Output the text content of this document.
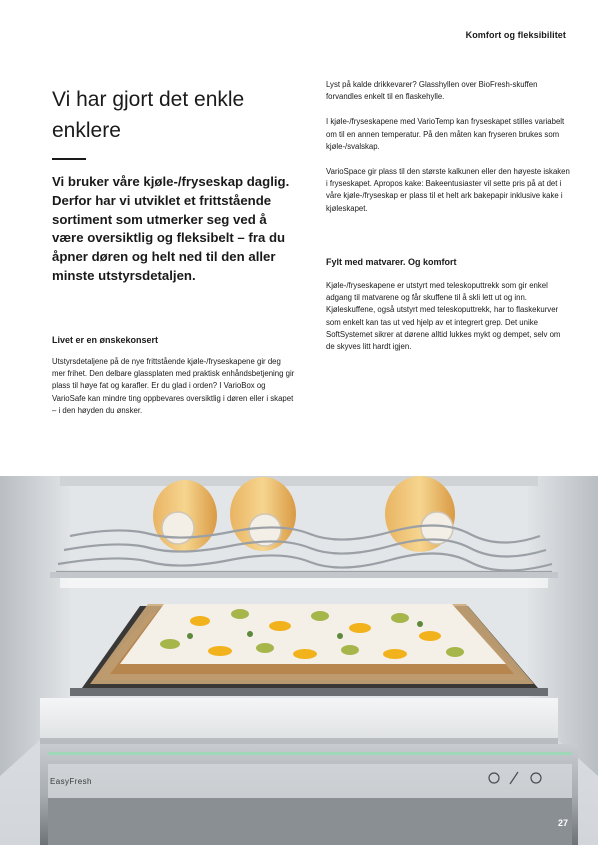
Komfort og fleksibilitet
Vi har gjort det enkle
enklere

Vi bruker våre kjøle-/fryseskap daglig. Derfor har vi utviklet et frittstående sortiment som utmerker seg ved å være oversiktlig og fleksibelt – fra du åpner døren og helt ned til den aller minste utstyrsdetaljen.

Livet er en ønskekonsert

Utstyrsdetaljene på de nye frittstående kjøle-/fryseskapene gir deg mer frihet. Den delbare glassplaten med praktisk enhåndsbetjening gir plass til høye fat og karafler. Er du glad i orden? I VarioBox og VarioSafe kan mindre ting oppbevares oversiktlig i døren eller i skapet – i den høyden du ønsker.

Lyst på kalde drikkevarer? Glasshyllen over BioFresh-skuffen forvandles enkelt til en flaskehylle.

I kjøle-/fryseskapene med VarioTemp kan fryseskapet stilles variabelt om til en annen temperatur. På den måten kan fryseren brukes som kjøle-/svalskap.

VarioSpace gir plass til den største kalkunen eller den høyeste iskaken i fryseskapet. Apropos kake: Bakeentusiaster vil sette pris på at det i våre kjøle-/fryseskap er plass til et helt ark bakepapir inklusive kake i kjøleskapet.

Fylt med matvarer. Og komfort

Kjøle-/fryseskapene er utstyrt med teleskoputtrekk som gir enkel adgang til matvarene og får skuffene til å skli lett ut og inn. Kjøleskuffene, også utstyrt med teleskoputtrekk, har to flaskekurver som enkelt kan tas ut ved hjelp av et integrert grep. Det unike SoftSystemet sikrer at dørene alltid lukkes mykt og dempet, selv om de skyves litt hardt igjen.

EasyFresh
27
